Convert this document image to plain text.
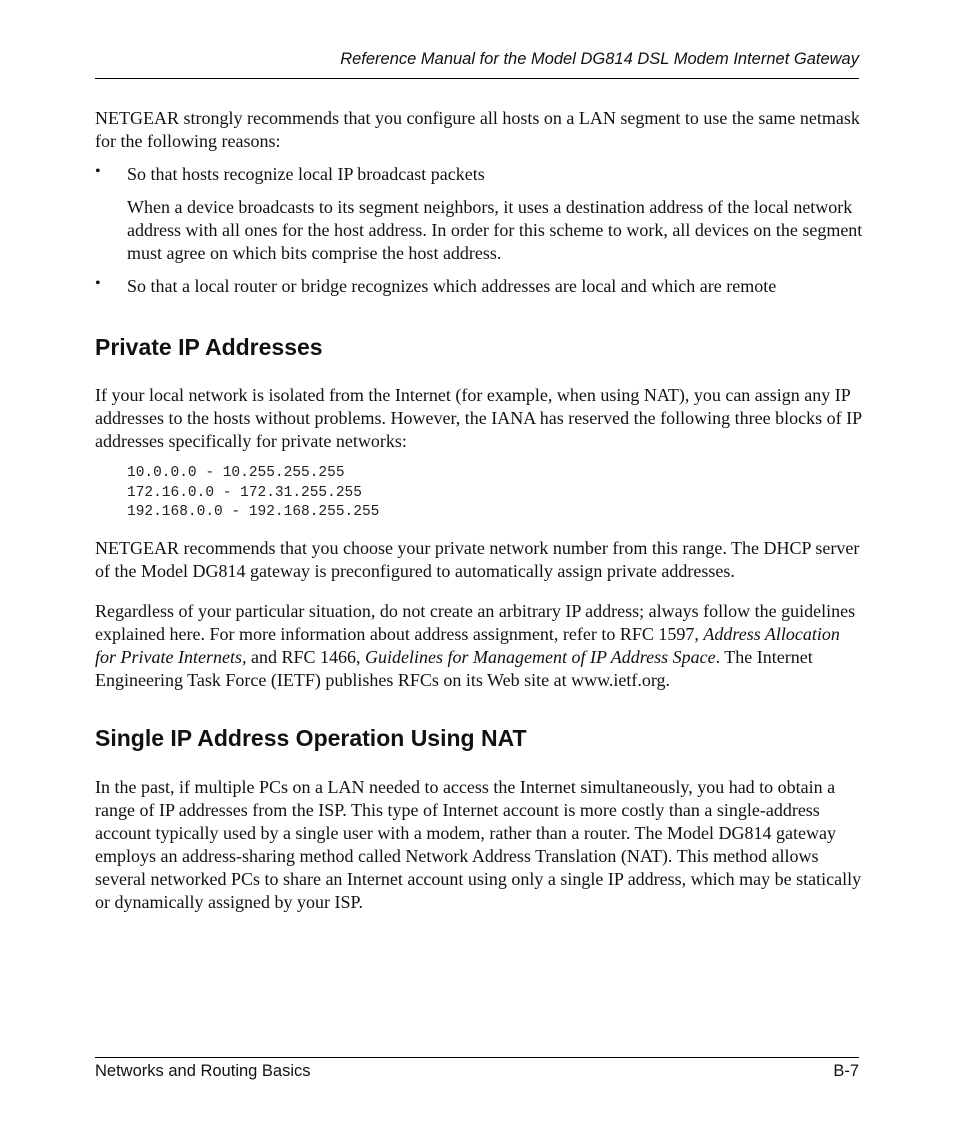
Reference Manual for the Model DG814 DSL Modem Internet Gateway

NETGEAR strongly recommends that you configure all hosts on a LAN segment to use the same netmask for the following reasons:

• So that hosts recognize local IP broadcast packets

When a device broadcasts to its segment neighbors, it uses a destination address of the local network address with all ones for the host address. In order for this scheme to work, all devices on the segment must agree on which bits comprise the host address.

• So that a local router or bridge recognizes which addresses are local and which are remote

Private IP Addresses

If your local network is isolated from the Internet (for example, when using NAT), you can assign any IP addresses to the hosts without problems. However, the IANA has reserved the following three blocks of IP addresses specifically for private networks:

10.0.0.0 - 10.255.255.255
172.16.0.0 - 172.31.255.255
192.168.0.0 - 192.168.255.255

NETGEAR recommends that you choose your private network number from this range. The DHCP server of the Model DG814 gateway is preconfigured to automatically assign private addresses.

Regardless of your particular situation, do not create an arbitrary IP address; always follow the guidelines explained here. For more information about address assignment, refer to RFC 1597, Address Allocation for Private Internets, and RFC 1466, Guidelines for Management of IP Address Space. The Internet Engineering Task Force (IETF) publishes RFCs on its Web site at www.ietf.org.

Single IP Address Operation Using NAT

In the past, if multiple PCs on a LAN needed to access the Internet simultaneously, you had to obtain a range of IP addresses from the ISP. This type of Internet account is more costly than a single-address account typically used by a single user with a modem, rather than a router. The Model DG814 gateway employs an address-sharing method called Network Address Translation (NAT). This method allows several networked PCs to share an Internet account using only a single IP address, which may be statically or dynamically assigned by your ISP.

Networks and Routing Basics	B-7
